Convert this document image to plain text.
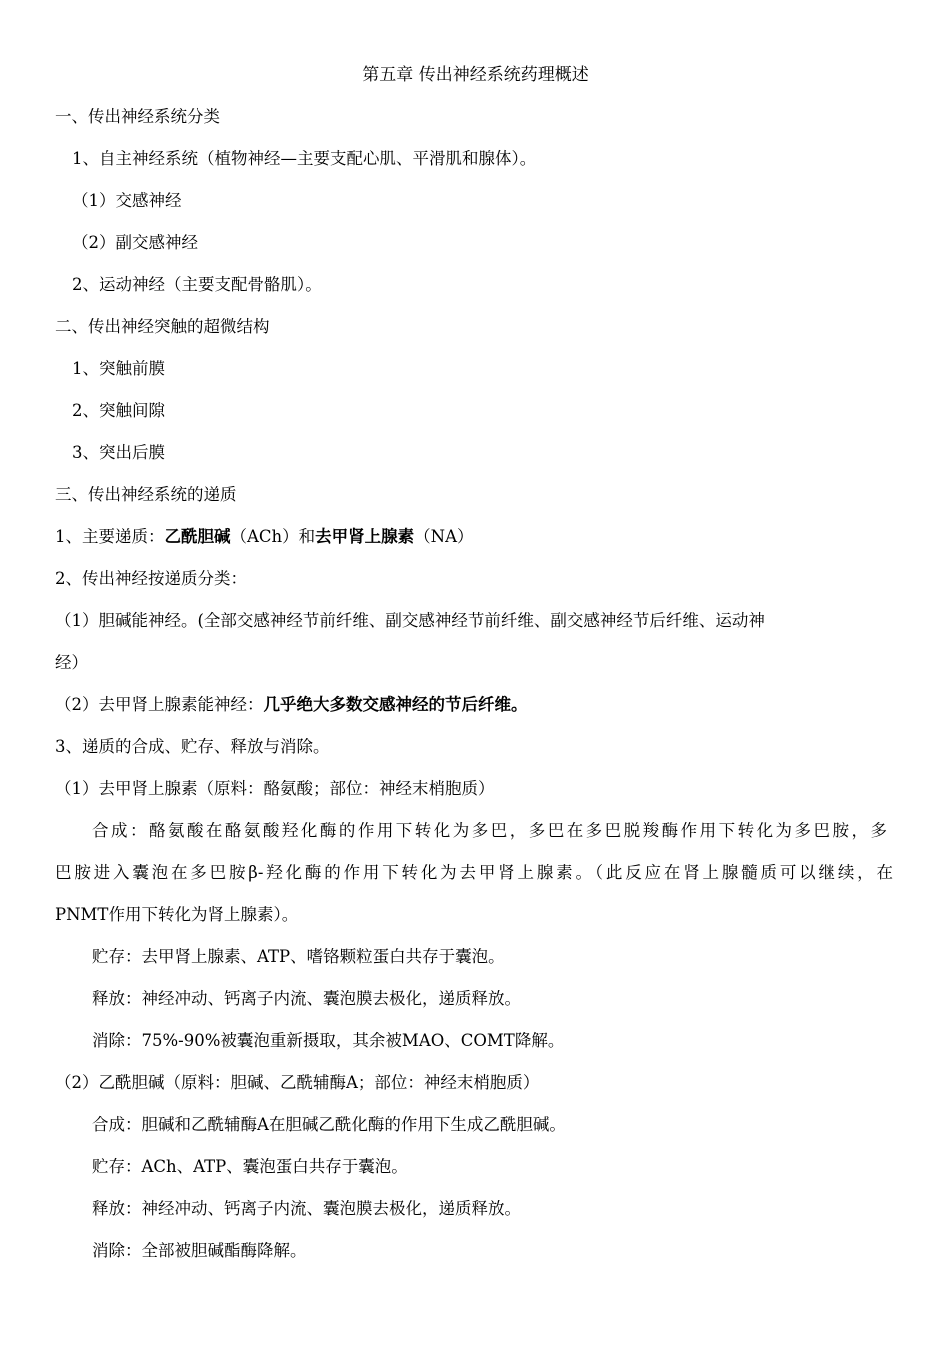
第五章 传出神经系统药理概述
一、传出神经系统分类
1、自主神经系统（植物神经—主要支配心肌、平滑肌和腺体）。
（1）交感神经
（2）副交感神经
2、运动神经（主要支配骨骼肌）。
二、传出神经突触的超微结构
1、突触前膜
2、突触间隙
3、突出后膜
三、传出神经系统的递质
1、主要递质：乙酰胆碱（ACh）和去甲肾上腺素（NA）
2、传出神经按递质分类：
（1）胆碱能神经。(全部交感神经节前纤维、副交感神经节前纤维、副交感神经节后纤维、运动神
经）
（2）去甲肾上腺素能神经：几乎绝大多数交感神经的节后纤维。
3、递质的合成、贮存、释放与消除。
（1）去甲肾上腺素（原料：酪氨酸；部位：神经末梢胞质）
合成：酪氨酸在酪氨酸羟化酶的作用下转化为多巴，多巴在多巴脱羧酶作用下转化为多巴胺，多
巴胺进入囊泡在多巴胺β-羟化酶的作用下转化为去甲肾上腺素。（此反应在肾上腺髓质可以继续，在
PNMT作用下转化为肾上腺素）。
贮存：去甲肾上腺素、ATP、嗜铬颗粒蛋白共存于囊泡。
释放：神经冲动、钙离子内流、囊泡膜去极化，递质释放。
消除：75%-90%被囊泡重新摄取，其余被MAO、COMT降解。
（2）乙酰胆碱（原料：胆碱、乙酰辅酶A；部位：神经末梢胞质）
合成：胆碱和乙酰辅酶A在胆碱乙酰化酶的作用下生成乙酰胆碱。
贮存：ACh、ATP、囊泡蛋白共存于囊泡。
释放：神经冲动、钙离子内流、囊泡膜去极化，递质释放。
消除：全部被胆碱酯酶降解。
